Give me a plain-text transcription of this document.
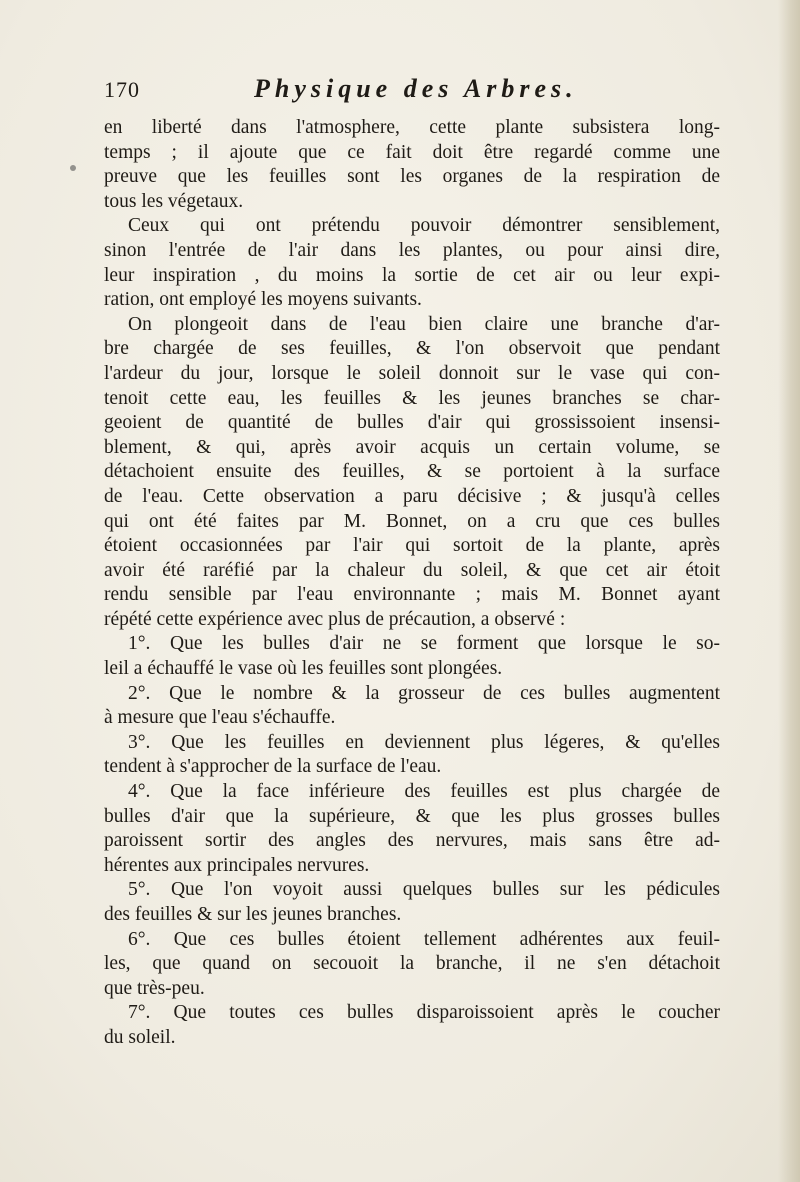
170	Physique des Arbres.
en liberté dans l'atmosphere, cette plante subsistera long-
temps ; il ajoute que ce fait doit être regardé comme une
preuve que les feuilles sont les organes de la respiration de
tous les végetaux.
Ceux qui ont prétendu pouvoir démontrer sensiblement,
sinon l'entrée de l'air dans les plantes, ou pour ainsi dire,
leur inspiration , du moins la sortie de cet air ou leur expi-
ration, ont employé les moyens suivants.
On plongeoit dans de l'eau bien claire une branche d'ar-
bre chargée de ses feuilles, & l'on observoit que pendant
l'ardeur du jour, lorsque le soleil donnoit sur le vase qui con-
tenoit cette eau, les feuilles & les jeunes branches se char-
geoient de quantité de bulles d'air qui grossissoient insensi-
blement, & qui, après avoir acquis un certain volume, se
détachoient ensuite des feuilles, & se portoient à la surface
de l'eau. Cette observation a paru décisive ; & jusqu'à celles
qui ont été faites par M. Bonnet, on a cru que ces bulles
étoient occasionnées par l'air qui sortoit de la plante, après
avoir été raréfié par la chaleur du soleil, & que cet air étoit
rendu sensible par l'eau environnante ; mais M. Bonnet ayant
répété cette expérience avec plus de précaution, a observé :
1°. Que les bulles d'air ne se forment que lorsque le so-
leil a échauffé le vase où les feuilles sont plongées.
2°. Que le nombre & la grosseur de ces bulles augmentent
à mesure que l'eau s'échauffe.
3°. Que les feuilles en deviennent plus légeres, & qu'elles
tendent à s'approcher de la surface de l'eau.
4°. Que la face inférieure des feuilles est plus chargée de
bulles d'air que la supérieure, & que les plus grosses bulles
paroissent sortir des angles des nervures, mais sans être ad-
hérentes aux principales nervures.
5°. Que l'on voyoit aussi quelques bulles sur les pédicules
des feuilles & sur les jeunes branches.
6°. Que ces bulles étoient tellement adhérentes aux feuil-
les, que quand on secouoit la branche, il ne s'en détachoit
que très-peu.
7°. Que toutes ces bulles disparoissoient après le coucher
du soleil.
